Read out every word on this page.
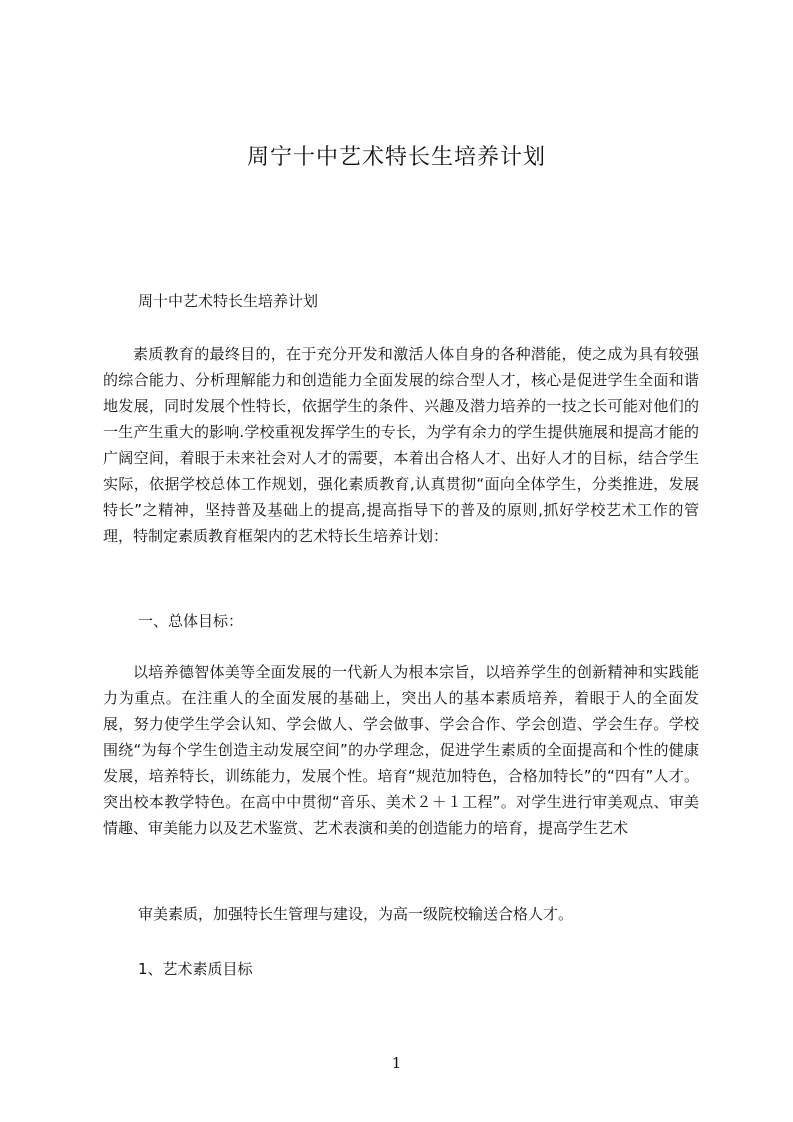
周宁十中艺术特长生培养计划
周十中艺术特长生培养计划
素质教育的最终目的，在于充分开发和激活人体自身的各种潜能，使之成为具有较强的综合能力、分析理解能力和创造能力全面发展的综合型人才，核心是促进学生全面和谐地发展，同时发展个性特长，依据学生的条件、兴趣及潜力培养的一技之长可能对他们的一生产生重大的影响.学校重视发挥学生的专长，为学有余力的学生提供施展和提高才能的广阔空间，着眼于未来社会对人才的需要，本着出合格人才、出好人才的目标，结合学生实际，依据学校总体工作规划，强化素质教育,认真贯彻“面向全体学生，分类推进，发展特长”之精神，坚持普及基础上的提高,提高指导下的普及的原则,抓好学校艺术工作的管理，特制定素质教育框架内的艺术特长生培养计划：
一、总体目标：
以培养德智体美等全面发展的一代新人为根本宗旨，以培养学生的创新精神和实践能力为重点。在注重人的全面发展的基础上，突出人的基本素质培养，着眼于人的全面发展，努力使学生学会认知、学会做人、学会做事、学会合作、学会创造、学会生存。学校围绕“为每个学生创造主动发展空间”的办学理念，促进学生素质的全面提高和个性的健康发展，培养特长，训练能力，发展个性。培育“规范加特色，合格加特长”的“四有”人才。突出校本教学特色。在高中中贯彻“音乐、美术２＋１工程”。对学生进行审美观点、审美情趣、审美能力以及艺术鉴赏、艺术表演和美的创造能力的培育，提高学生艺术
审美素质，加强特长生管理与建设，为高一级院校输送合格人才。
1、艺术素质目标
1
